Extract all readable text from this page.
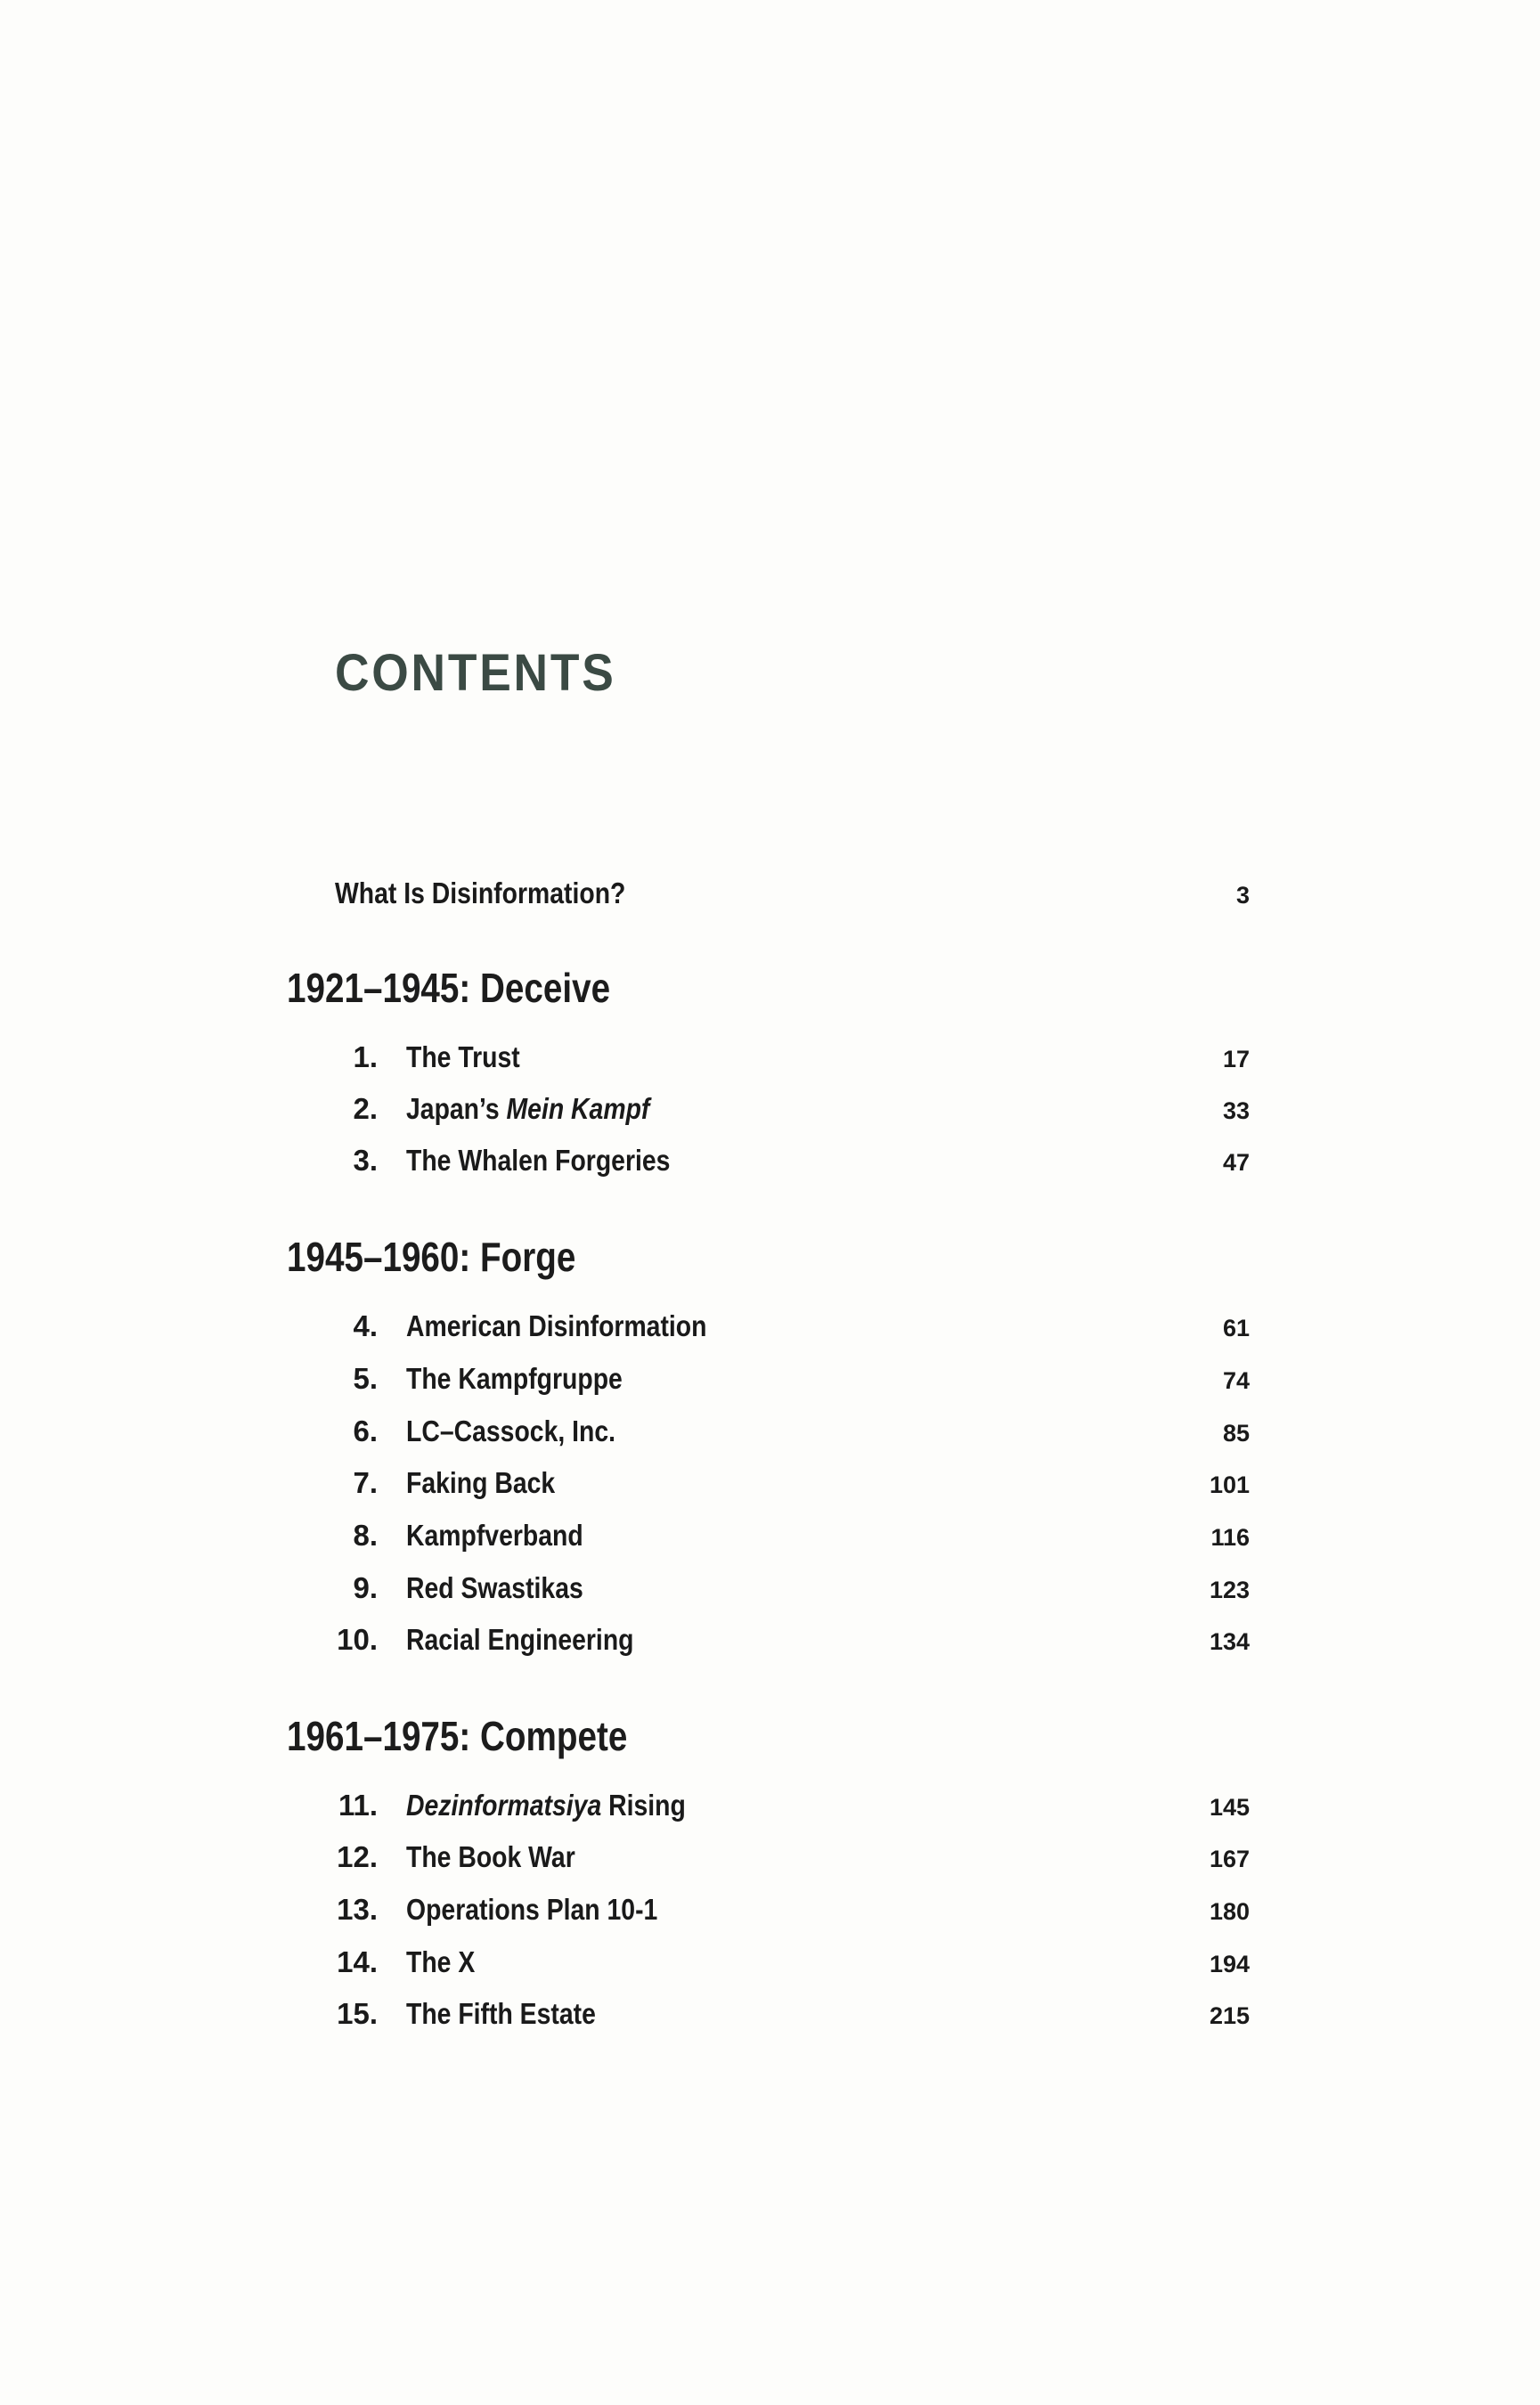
CONTENTS
What Is Disinformation?	3
1921–1945: Deceive
1. The Trust	17
2. Japan’s Mein Kampf	33
3. The Whalen Forgeries	47
1945–1960: Forge
4. American Disinformation	61
5. The Kampfgruppe	74
6. LC–Cassock, Inc.	85
7. Faking Back	101
8. Kampfverband	116
9. Red Swastikas	123
10. Racial Engineering	134
1961–1975: Compete
11. Dezinformatsiya Rising	145
12. The Book War	167
13. Operations Plan 10-1	180
14. The X	194
15. The Fifth Estate	215
